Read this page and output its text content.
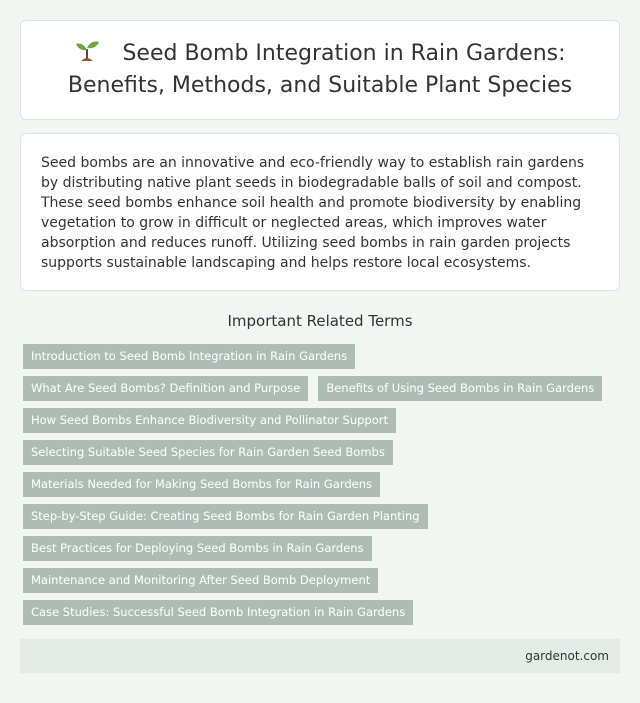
Seed Bomb Integration in Rain Gardens: Benefits, Methods, and Suitable Plant Species

Seed bombs are an innovative and eco-friendly way to establish rain gardens by distributing native plant seeds in biodegradable balls of soil and compost. These seed bombs enhance soil health and promote biodiversity by enabling vegetation to grow in difficult or neglected areas, which improves water absorption and reduces runoff. Utilizing seed bombs in rain garden projects supports sustainable landscaping and helps restore local ecosystems.

Important Related Terms
Introduction to Seed Bomb Integration in Rain GardensWhat Are Seed Bombs? Definition and Purpose Benefits of Using Seed Bombs in Rain Gardens
How Seed Bombs Enhance Biodiversity and Pollinator Support
Selecting Suitable Seed Species for Rain Garden Seed Bombs
Materials Needed for Making Seed Bombs for Rain Gardens
Step-by-Step Guide: Creating Seed Bombs for Rain Garden Planting
Best Practices for Deploying Seed Bombs in Rain Gardens
Maintenance and Monitoring After Seed Bomb Deployment
Case Studies: Successful Seed Bomb Integration in Rain Gardens
gardenot.com
